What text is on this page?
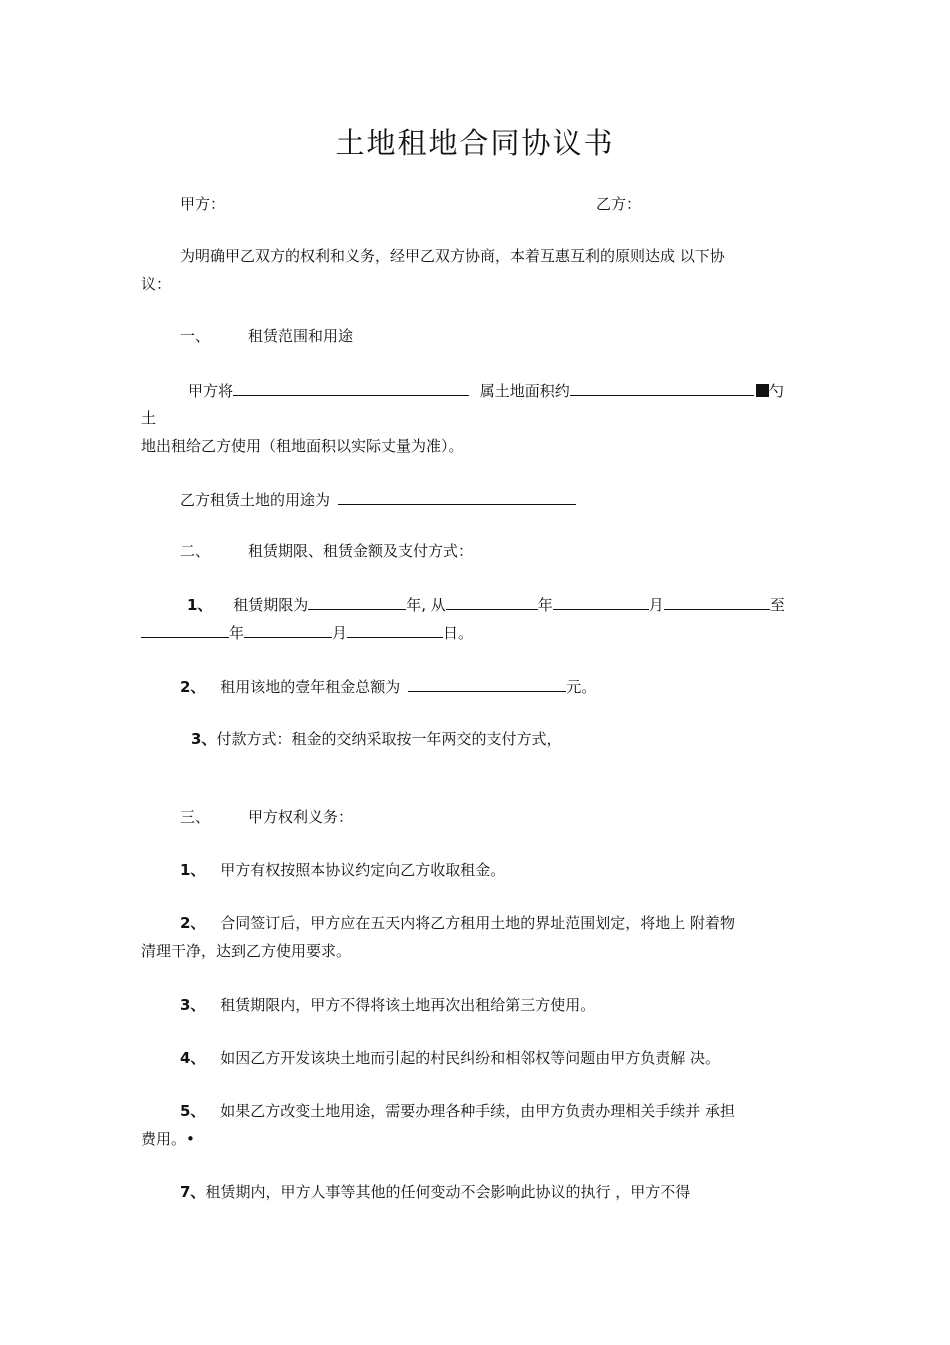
土地租地合同协议书
甲方：	乙方：
为明确甲乙双方的权利和义务，经甲乙双方协商，本着互惠互利的原则达成 以下协
议：
一、	租赁范围和用途
甲方将	属土地面积约	勺
土
地出租给乙方使用（租地面积以实际丈量为准）。
乙方租赁土地的用途为
二、	租赁期限、租赁金额及支付方式：
1、 租赁期限为	年, 从	年	月	至
年	月	日。
2、 租用该地的壹年租金总额为	元。
3、付款方式：租金的交纳采取按一年两交的支付方式，
三、	甲方权利义务：
1、 甲方有权按照本协议约定向乙方收取租金。
2、 合同签订后，甲方应在五天内将乙方租用土地的界址范围划定，将地上 附着物
清理干净，达到乙方使用要求。
3、 租赁期限内，甲方不得将该土地再次出租给第三方使用。
4、 如因乙方开发该块土地而引起的村民纠纷和相邻权等问题由甲方负责解 决。
5、 如果乙方改变土地用途，需要办理各种手续，由甲方负责办理相关手续并 承担
费用。•
7、租赁期内，甲方人事等其他的任何变动不会影响此协议的执行 ，甲方不得
